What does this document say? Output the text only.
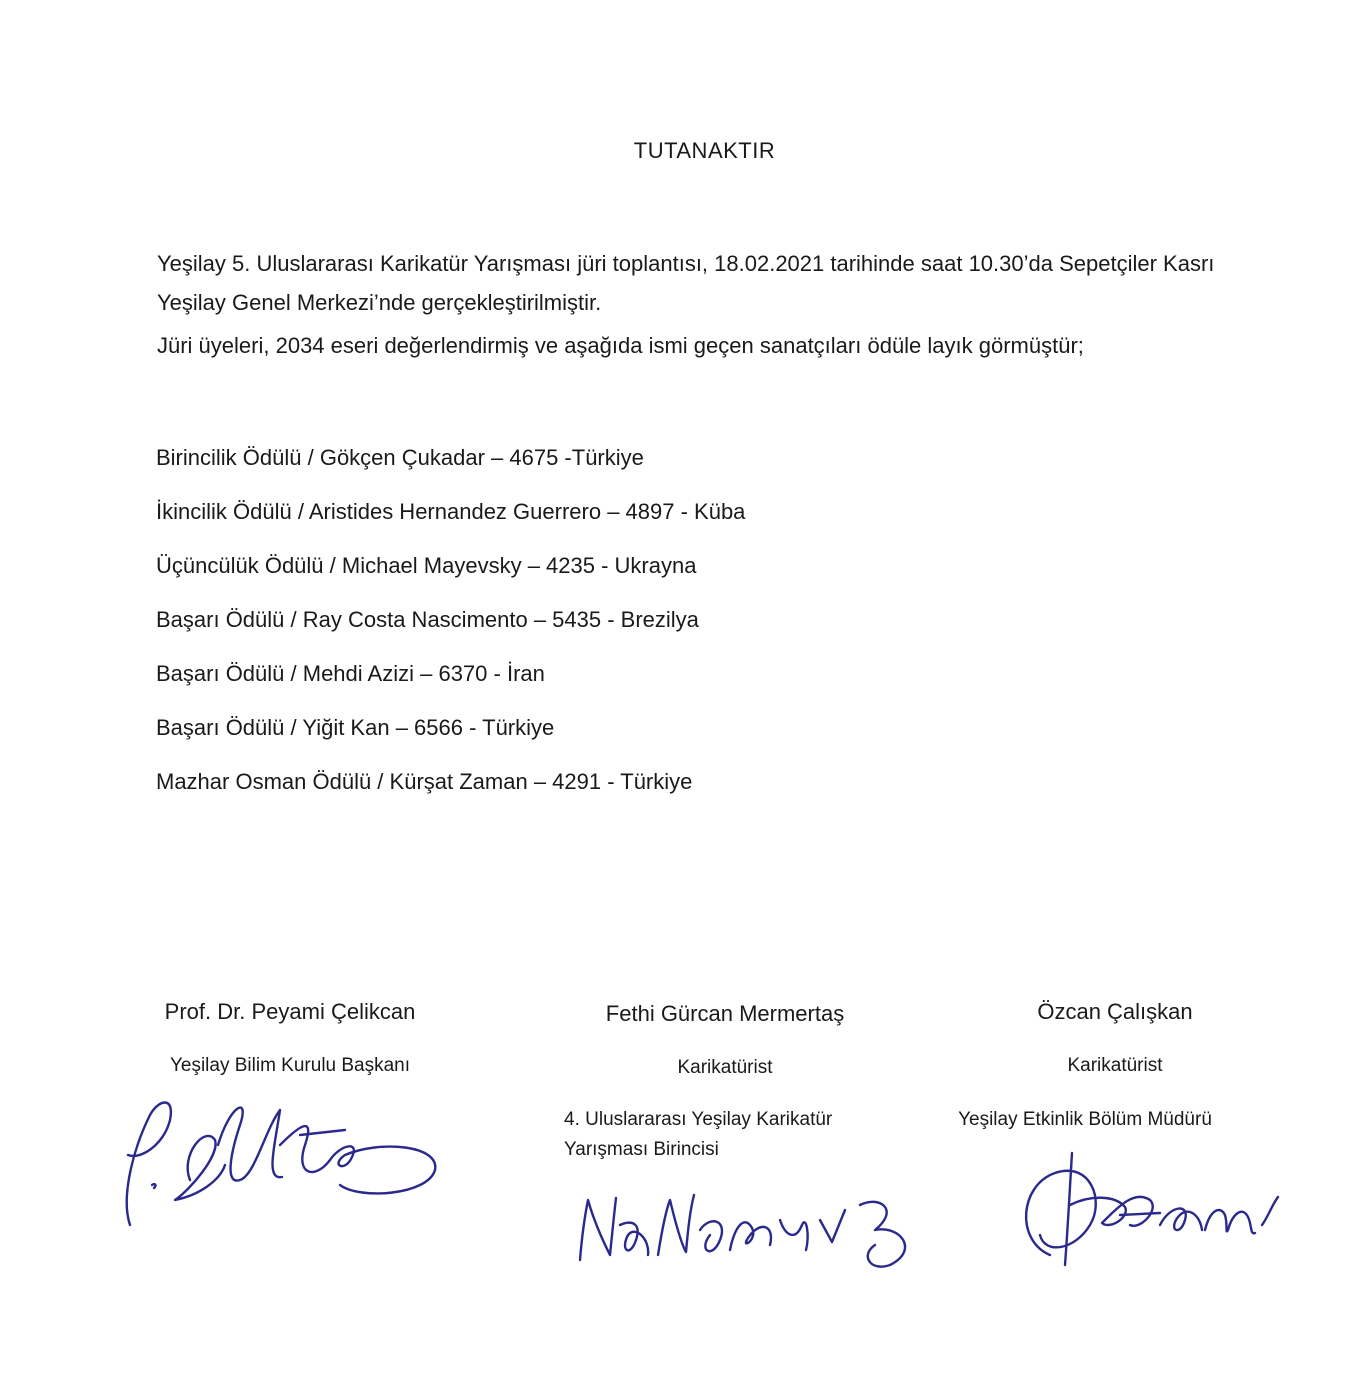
TUTANAKTIR
Yeşilay 5. Uluslararası Karikatür Yarışması jüri toplantısı, 18.02.2021 tarihinde saat 10.30’da Sepetçiler Kasrı Yeşilay Genel Merkezi’nde gerçekleştirilmiştir.
Jüri üyeleri, 2034 eseri değerlendirmiş ve aşağıda ismi geçen sanatçıları ödüle layık görmüştür;
Birincilik Ödülü / Gökçen Çukadar – 4675 -Türkiye
İkincilik Ödülü / Aristides Hernandez Guerrero – 4897 - Küba
Üçüncülük Ödülü / Michael Mayevsky – 4235 - Ukrayna
Başarı Ödülü / Ray Costa Nascimento – 5435 - Brezilya
Başarı Ödülü / Mehdi Azizi – 6370 - İran
Başarı Ödülü / Yiğit Kan – 6566 - Türkiye
Mazhar Osman Ödülü / Kürşat Zaman – 4291 - Türkiye
Prof. Dr. Peyami Çelikcan
Yeşilay Bilim Kurulu Başkanı
Fethi Gürcan Mermertaş
Karikatürist
4. Uluslararası Yeşilay Karikatür
Yarışması Birincisi
Özcan Çalışkan
Karikatürist
Yeşilay Etkinlik Bölüm Müdürü
